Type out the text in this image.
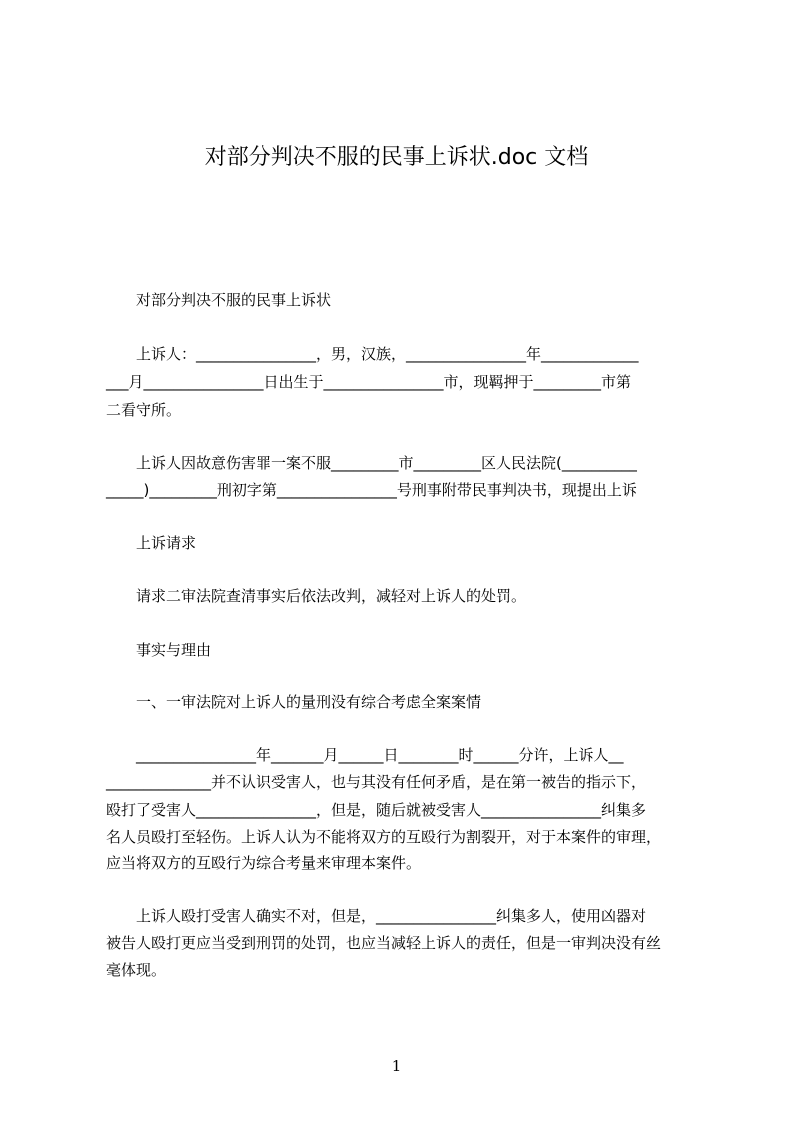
对部分判决不服的民事上诉状.doc 文档
对部分判决不服的民事上诉状
上诉人：________________，男，汉族，________________年_____________
___月________________日出生于________________市，现羁押于_________市第
二看守所。
上诉人因故意伤害罪一案不服_________市_________区人民法院(__________
_____)_________刑初字第________________号刑事附带民事判决书，现提出上诉
上诉请求
请求二审法院查清事实后依法改判，减轻对上诉人的处罚。
事实与理由
一、一审法院对上诉人的量刑没有综合考虑全案案情
________________年_______月______日________时______分许，上诉人__
______________并不认识受害人，也与其没有任何矛盾，是在第一被告的指示下，
殴打了受害人________________，但是，随后就被受害人________________纠集多
名人员殴打至轻伤。上诉人认为不能将双方的互殴行为割裂开，对于本案件的审理，
应当将双方的互殴行为综合考量来审理本案件。
上诉人殴打受害人确实不对，但是，________________纠集多人，使用凶器对
被告人殴打更应当受到刑罚的处罚，也应当减轻上诉人的责任，但是一审判决没有丝
毫体现。
1
